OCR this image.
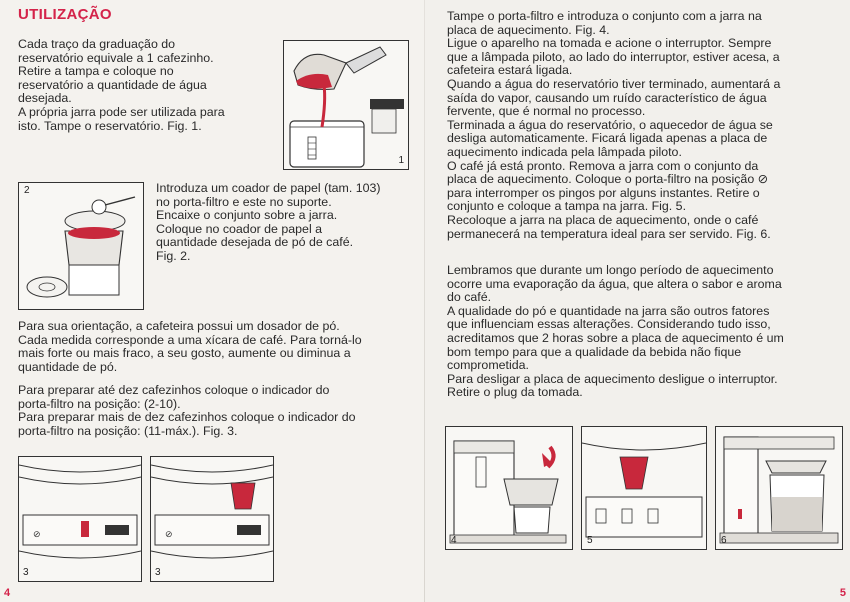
UTILIZAÇÃO

Cada traço da graduação do

reservatório equivale a 1 cafezinho.

Retire a tampa e coloque no

reservatório a quantidade de água

desejada.

A própria jarra pode ser utilizada para

isto. Tampe o reservatório. Fig. 1.

1
2	Introduza um coador de papel (tam. 103)

no porta-filtro e este no suporte.

Encaixe o conjunto sobre a jarra.

Coloque no coador de papel a

quantidade desejada de pó de café.

Fig. 2.

Para sua orientação, a cafeteira possui um dosador de pó.

Cada medida corresponde a uma xícara de café. Para torná-lo

mais forte ou mais fraco, a seu gosto, aumente ou diminua a

quantidade de pó.

Para preparar até dez cafezinhos coloque o indicador do

porta-filtro na posição: (2-10).

Para preparar mais de dez cafezinhos coloque o indicador do

porta-filtro na posição: (11-máx.). Fig. 3.

⊘
3
⊘
3
4

Tampe o porta-filtro e introduza o conjunto com a jarra na

placa de aquecimento. Fig. 4.

Ligue o aparelho na tomada e acione o interruptor. Sempre

que a lâmpada piloto, ao lado do interruptor, estiver acesa, a

cafeteira estará ligada.

Quando a água do reservatório tiver terminado, aumentará a

saída do vapor, causando um ruído característico de água

fervente, que é normal no processo.

Terminada a água do reservatório, o aquecedor de água se

desliga automaticamente. Ficará ligada apenas a placa de

aquecimento indicada pela lâmpada piloto.

O café já está pronto. Remova a jarra com o conjunto da

placa de aquecimento. Coloque o porta-filtro na posição ⊘

para interromper os pingos por alguns instantes. Retire o

conjunto e coloque a tampa na jarra. Fig. 5.

Recoloque a jarra na placa de aquecimento, onde o café

permanecerá na temperatura ideal para ser servido. Fig. 6.

Lembramos que durante um longo período de aquecimento

ocorre uma evaporação da água, que altera o sabor e aroma

do café.

A qualidade do pó e quantidade na jarra são outros fatores

que influenciam essas alterações. Considerando tudo isso,

acreditamos que 2 horas sobre a placa de aquecimento é um

bom tempo para que a qualidade da bebida não fique

comprometida.

Para desligar a placa de aquecimento desligue o interruptor.

Retire o plug da tomada.

4	5	6
5
